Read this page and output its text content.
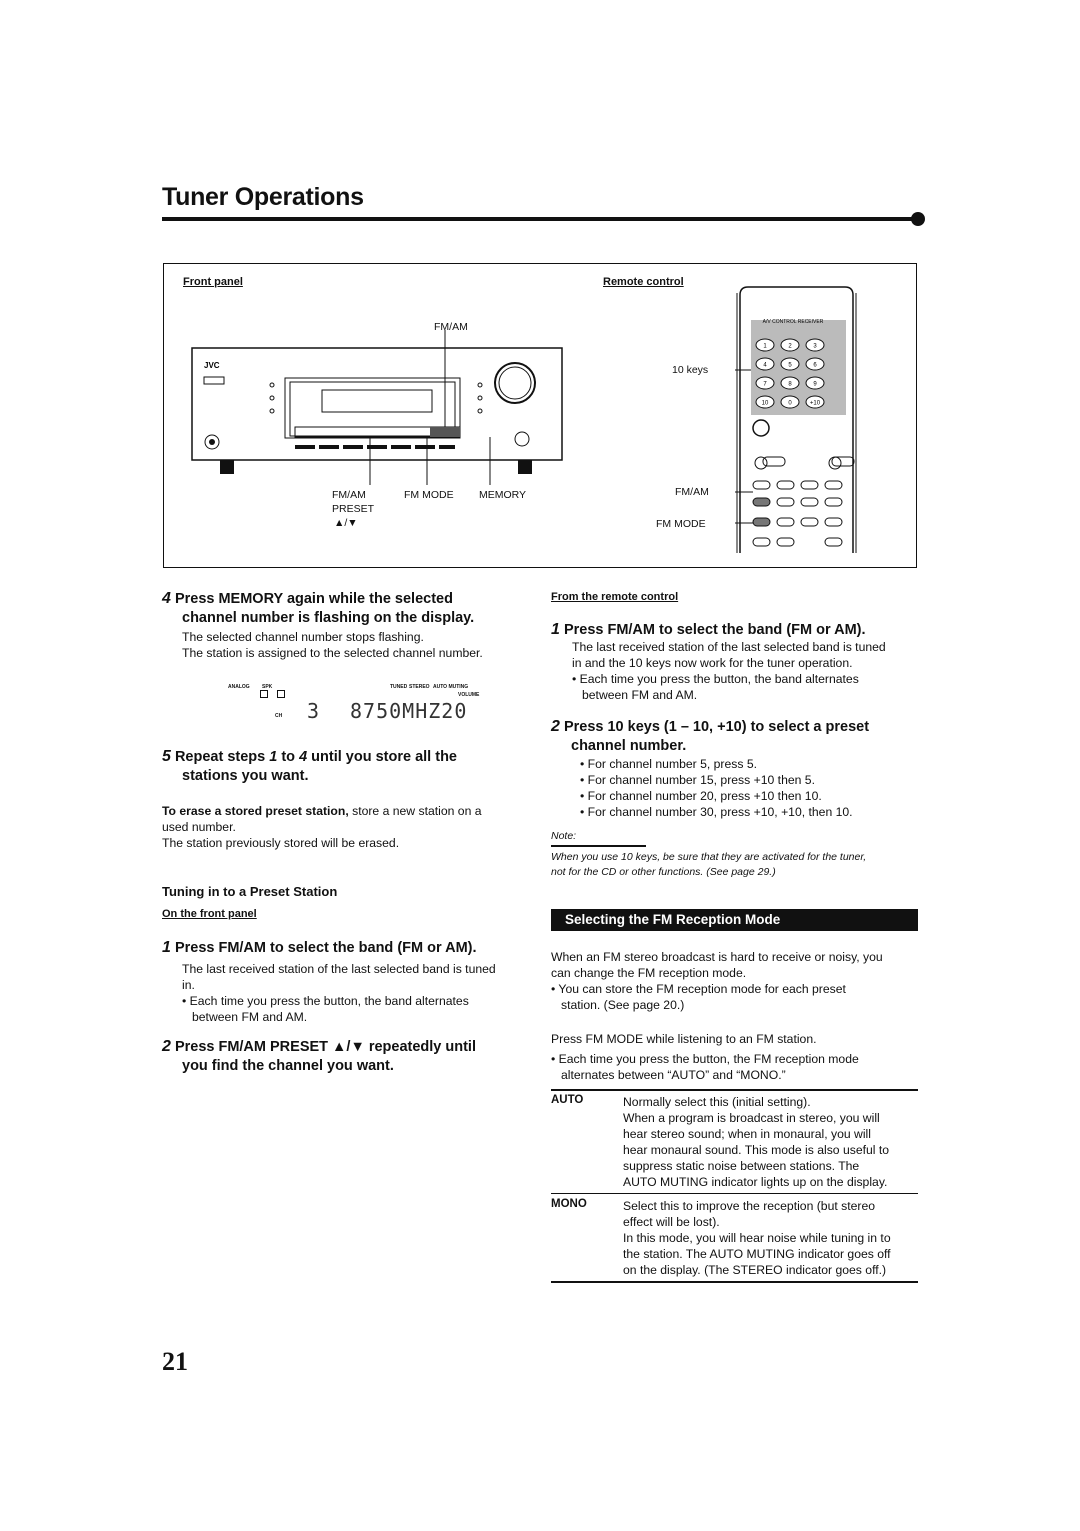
Tuner Operations
Front panel	Remote control
JVC
FM/AM
FM/AM
PRESET
▲/▼
FM MODE MEMORY
A/V CONTROL RECEIVER
1	2	3
4	5	6
7	8	9
10	0	+10
10 keys
FM/AM
FM MODE
4 Press MEMORY again while the selected
channel number is flashing on the display.
The selected channel number stops flashing.
The station is assigned to the selected channel number.
ANALOG SPK	TUNED STEREO AUTO MUTING
VOLUME
CH 3 8750MHZ20
5 Repeat steps 1 to 4 until you store all the
stations you want.
To erase a stored preset station, store a new station on a
used number.
The station previously stored will be erased.
Tuning in to a Preset Station
On the front panel
1 Press FM/AM to select the band (FM or AM).
The last received station of the last selected band is tuned
in.
• Each time you press the button, the band alternates
between FM and AM.
2 Press FM/AM PRESET ▲/▼ repeatedly until
you find the channel you want.
From the remote control
1 Press FM/AM to select the band (FM or AM).
The last received station of the last selected band is tuned
in and the 10 keys now work for the tuner operation.
• Each time you press the button, the band alternates
between FM and AM.
2 Press 10 keys (1 – 10, +10) to select a preset
channel number.
• For channel number 5, press 5.
• For channel number 15, press +10 then 5.
• For channel number 20, press +10 then 10.
• For channel number 30, press +10, +10, then 10.
Note:
When you use 10 keys, be sure that they are activated for the tuner,
not for the CD or other functions. (See page 29.)
Selecting the FM Reception Mode
When an FM stereo broadcast is hard to receive or noisy, you
can change the FM reception mode.
• You can store the FM reception mode for each preset
station. (See page 20.)
Press FM MODE while listening to an FM station.
• Each time you press the button, the FM reception mode
alternates between “AUTO” and “MONO.”
AUTO	Normally select this (initial setting).
When a program is broadcast in stereo, you will
hear stereo sound; when in monaural, you will
hear monaural sound. This mode is also useful to
suppress static noise between stations. The
AUTO MUTING indicator lights up on the display.
MONO	Select this to improve the reception (but stereo
effect will be lost).
In this mode, you will hear noise while tuning in to
the station. The AUTO MUTING indicator goes off
on the display. (The STEREO indicator goes off.)
21
